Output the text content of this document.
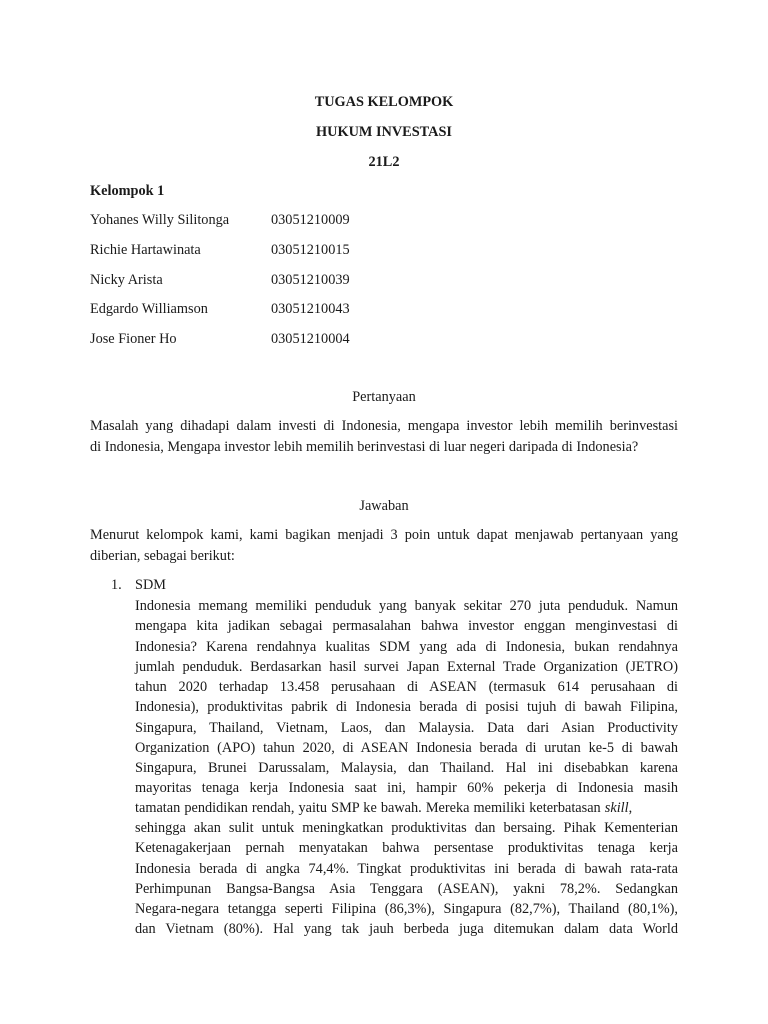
TUGAS KELOMPOK
HUKUM INVESTASI
21L2
Kelompok 1
Yohanes Willy Silitonga	03051210009
Richie Hartawinata	03051210015
Nicky Arista	03051210039
Edgardo Williamson	03051210043
Jose Fioner Ho	03051210004
Pertanyaan
Masalah yang dihadapi dalam investi di Indonesia, mengapa investor lebih memilih berinvestasi
di Indonesia, Mengapa investor lebih memilih berinvestasi di luar negeri daripada di Indonesia?
Jawaban
Menurut kelompok kami, kami bagikan menjadi 3 poin untuk dapat menjawab pertanyaan yang
diberian, sebagai berikut:
1. SDM
Indonesia memang memiliki penduduk yang banyak sekitar 270 juta penduduk. Namun
mengapa kita jadikan sebagai permasalahan bahwa investor enggan menginvestasi di
Indonesia? Karena rendahnya kualitas SDM yang ada di Indonesia, bukan rendahnya
jumlah penduduk. Berdasarkan hasil survei Japan External Trade Organization (JETRO)
tahun 2020 terhadap 13.458 perusahaan di ASEAN (termasuk 614 perusahaan di
Indonesia), produktivitas pabrik di Indonesia berada di posisi tujuh di bawah Filipina,
Singapura, Thailand, Vietnam, Laos, dan Malaysia. Data dari Asian Productivity
Organization (APO) tahun 2020, di ASEAN Indonesia berada di urutan ke-5 di bawah
Singapura, Brunei Darussalam, Malaysia, dan Thailand. Hal ini disebabkan karena
mayoritas tenaga kerja Indonesia saat ini, hampir 60% pekerja di Indonesia masih
tamatan pendidikan rendah, yaitu SMP ke bawah. Mereka memiliki keterbatasan skill,
sehingga akan sulit untuk meningkatkan produktivitas dan bersaing. Pihak Kementerian
Ketenagakerjaan pernah menyatakan bahwa persentase produktivitas tenaga kerja
Indonesia berada di angka 74,4%. Tingkat produktivitas ini berada di bawah rata-rata
Perhimpunan Bangsa-Bangsa Asia Tenggara (ASEAN), yakni 78,2%. Sedangkan
Negara-negara tetangga seperti Filipina (86,3%), Singapura (82,7%), Thailand (80,1%),
dan Vietnam (80%). Hal yang tak jauh berbeda juga ditemukan dalam data World
